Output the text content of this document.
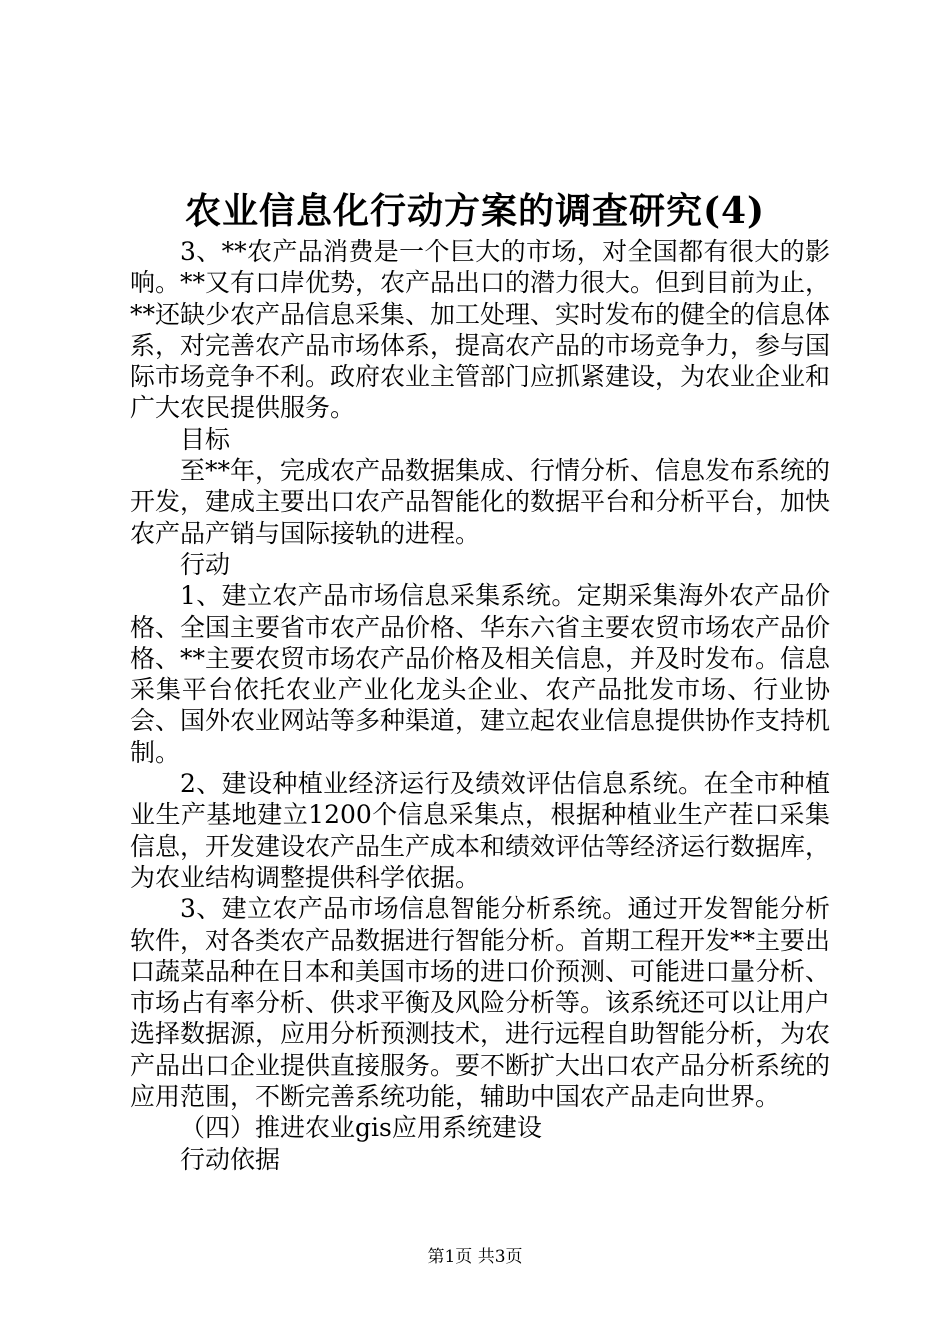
农业信息化行动方案的调查研究(4)

3、**农产品消费是一个巨大的市场，对全国都有很大的影响。**又有口岸优势，农产品出口的潜力很大。但到目前为止，**还缺少农产品信息采集、加工处理、实时发布的健全的信息体系，对完善农产品市场体系，提高农产品的市场竞争力，参与国际市场竞争不利。政府农业主管部门应抓紧建设，为农业企业和广大农民提供服务。

目标

至**年，完成农产品数据集成、行情分析、信息发布系统的开发，建成主要出口农产品智能化的数据平台和分析平台，加快农产品产销与国际接轨的进程。

行动

1、建立农产品市场信息采集系统。定期采集海外农产品价格、全国主要省市农产品价格、华东六省主要农贸市场农产品价格、**主要农贸市场农产品价格及相关信息，并及时发布。信息采集平台依托农业产业化龙头企业、农产品批发市场、行业协会、国外农业网站等多种渠道，建立起农业信息提供协作支持机制。

2、建设种植业经济运行及绩效评估信息系统。在全市种植业生产基地建立1200个信息采集点，根据种植业生产茬口采集信息，开发建设农产品生产成本和绩效评估等经济运行数据库，为农业结构调整提供科学依据。

3、建立农产品市场信息智能分析系统。通过开发智能分析软件，对各类农产品数据进行智能分析。首期工程开发**主要出口蔬菜品种在日本和美国市场的进口价预测、可能进口量分析、市场占有率分析、供求平衡及风险分析等。该系统还可以让用户选择数据源，应用分析预测技术，进行远程自助智能分析，为农产品出口企业提供直接服务。要不断扩大出口农产品分析系统的应用范围，不断完善系统功能，辅助中国农产品走向世界。

（四）推进农业gis应用系统建设

行动依据

第1页 共3页
